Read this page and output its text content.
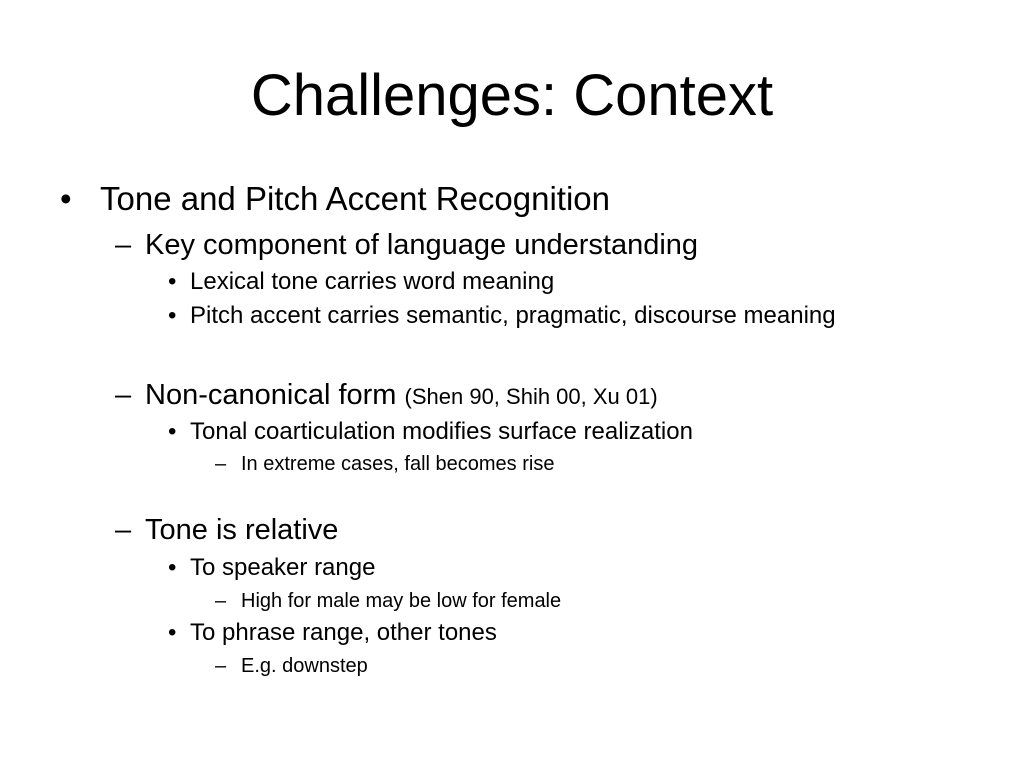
Challenges: Context
• Tone and Pitch Accent Recognition
– Key component of language understanding
• Lexical tone carries word meaning
• Pitch accent carries semantic, pragmatic, discourse meaning
– Non-canonical form (Shen 90, Shih 00, Xu 01)
• Tonal coarticulation modifies surface realization
– In extreme cases, fall becomes rise
– Tone is relative
• To speaker range
– High for male may be low for female
• To phrase range, other tones
– E.g. downstep
